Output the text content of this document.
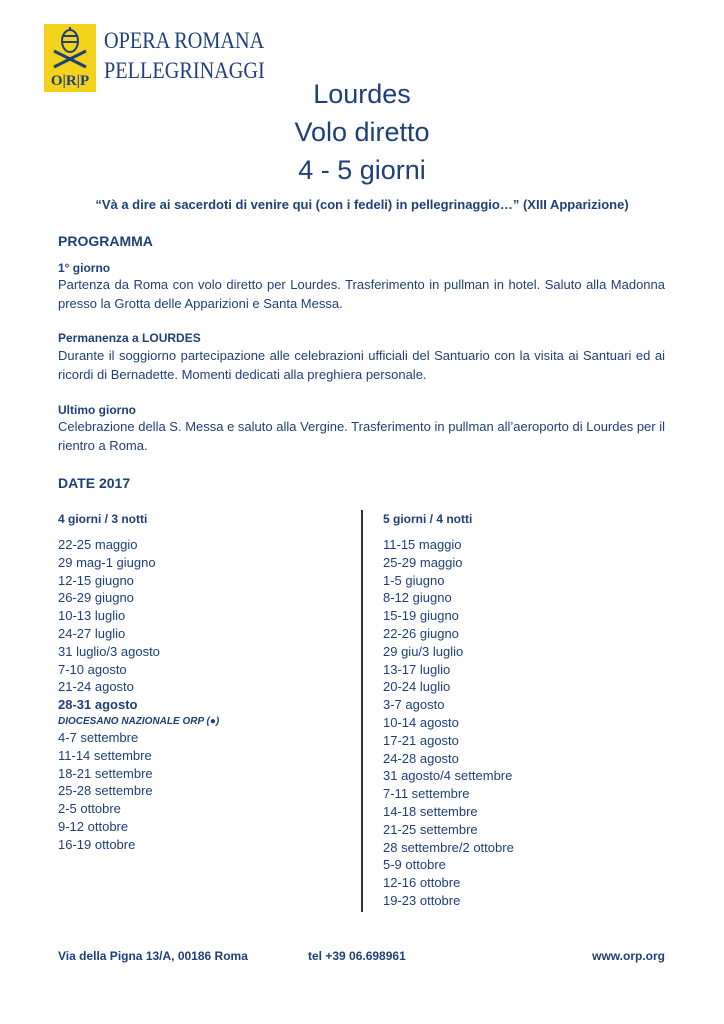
O|R|P
OPERA ROMANA
PELLEGRINAGGI
Lourdes
Volo diretto
4 - 5 giorni
“Và a dire ai sacerdoti di venire qui (con i fedeli) in pellegrinaggio…” (XIII Apparizione)
PROGRAMMA
1° giorno
Partenza da Roma con volo diretto per Lourdes. Trasferimento in pullman in hotel. Saluto alla Madonna presso la Grotta delle Apparizioni e Santa Messa.
Permanenza a LOURDES
Durante il soggiorno partecipazione alle celebrazioni ufficiali del Santuario con la visita ai Santuari ed ai ricordi di Bernadette. Momenti dedicati alla preghiera personale.
Ultimo giorno
Celebrazione della S. Messa e saluto alla Vergine. Trasferimento in pullman all’aeroporto di Lourdes per il rientro a Roma.
DATE 2017
4 giorni / 3 notti
22-25 maggio
29 mag-1 giugno
12-15 giugno
26-29 giugno
10-13 luglio
24-27 luglio
31 luglio/3 agosto
7-10 agosto
21-24 agosto
28-31 agosto
DIOCESANO NAZIONALE ORP (●)
4-7 settembre
11-14 settembre
18-21 settembre
25-28 settembre
2-5 ottobre
9-12 ottobre
16-19 ottobre
5 giorni / 4 notti
11-15 maggio
25-29 maggio
1-5 giugno
8-12 giugno
15-19 giugno
22-26 giugno
29 giu/3 luglio
13-17 luglio
20-24 luglio
3-7 agosto
10-14 agosto
17-21 agosto
24-28 agosto
31 agosto/4 settembre
7-11 settembre
14-18 settembre
21-25 settembre
28 settembre/2 ottobre
5-9 ottobre
12-16 ottobre
19-23 ottobre
Via della Pigna 13/A, 00186 Roma	tel +39 06.698961	www.orp.org
